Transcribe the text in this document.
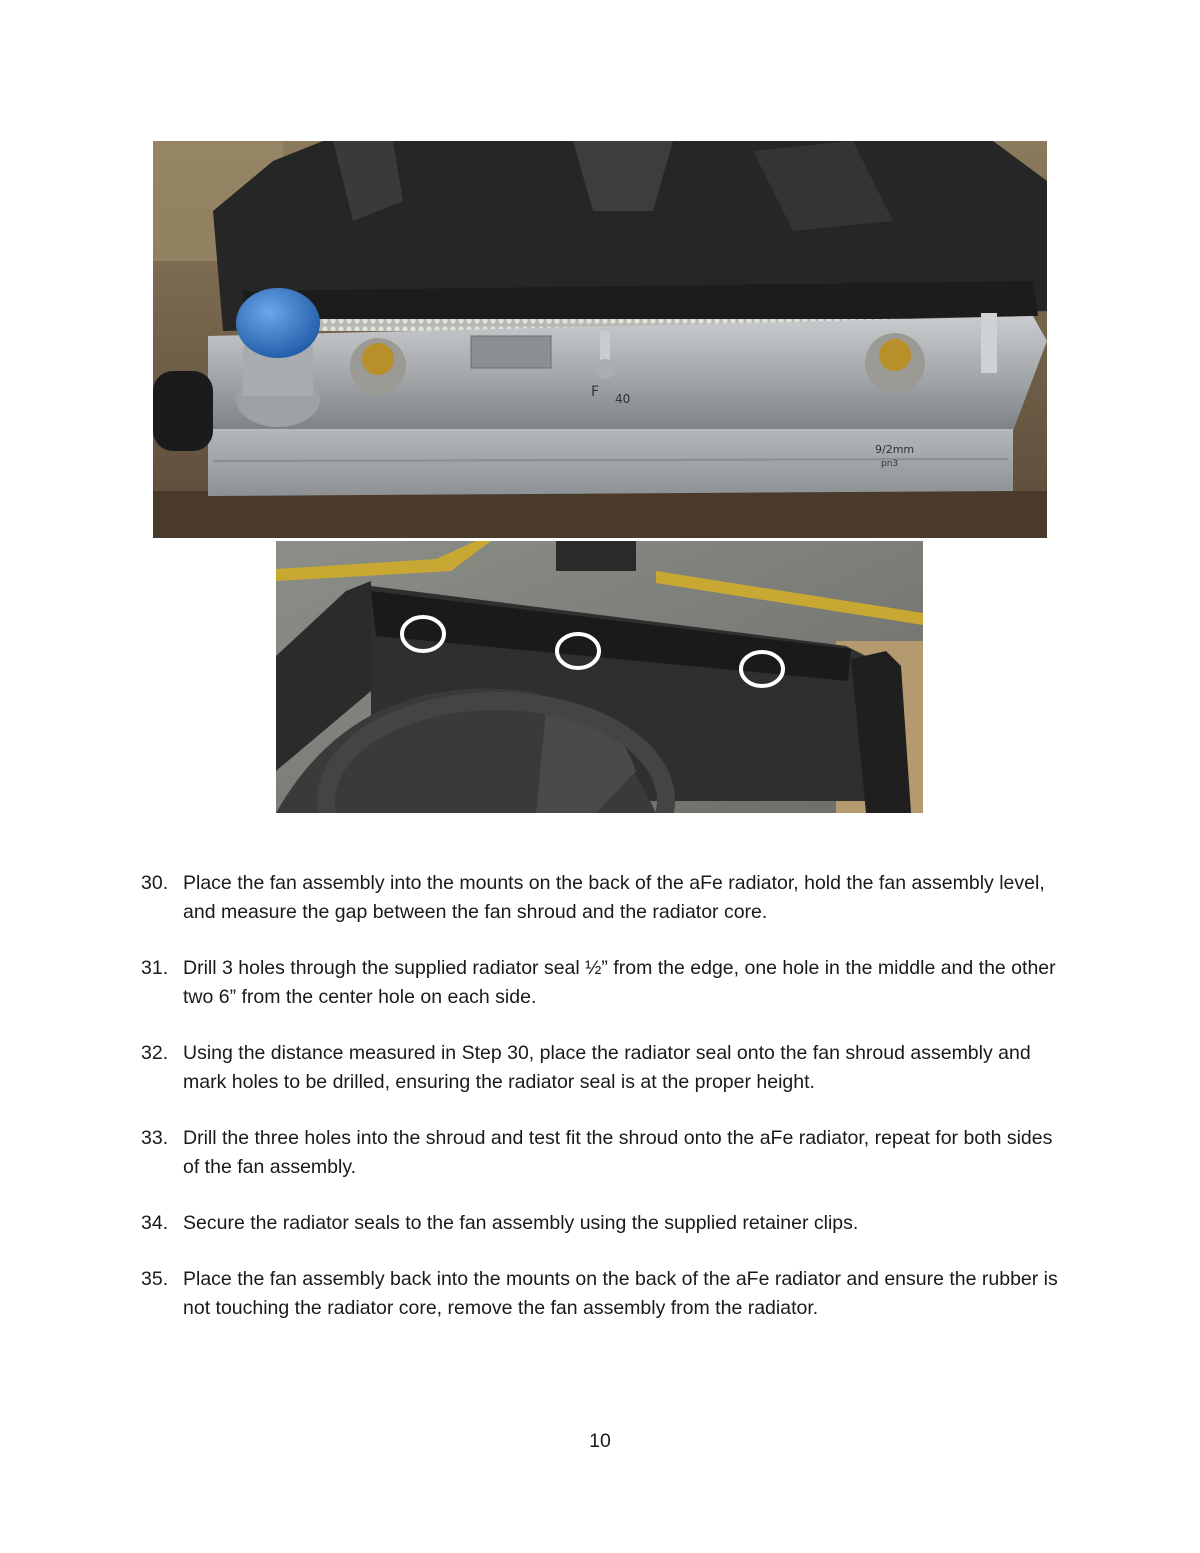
F 40
9/2mm
pn3
30. Place the fan assembly into the mounts on the back of the aFe radiator, hold the fan assembly level, and measure the gap between the fan shroud and the radiator core.
31. Drill 3 holes through the supplied radiator seal ½” from the edge, one hole in the middle and the other two 6” from the center hole on each side.
32. Using the distance measured in Step 30, place the radiator seal onto the fan shroud assembly and mark holes to be drilled, ensuring the radiator seal is at the proper height.
33. Drill the three holes into the shroud and test fit the shroud onto the aFe radiator, repeat for both sides of the fan assembly.
34. Secure the radiator seals to the fan assembly using the supplied retainer clips.
35. Place the fan assembly back into the mounts on the back of the aFe radiator and ensure the rubber is not touching the radiator core, remove the fan assembly from the radiator.
10
